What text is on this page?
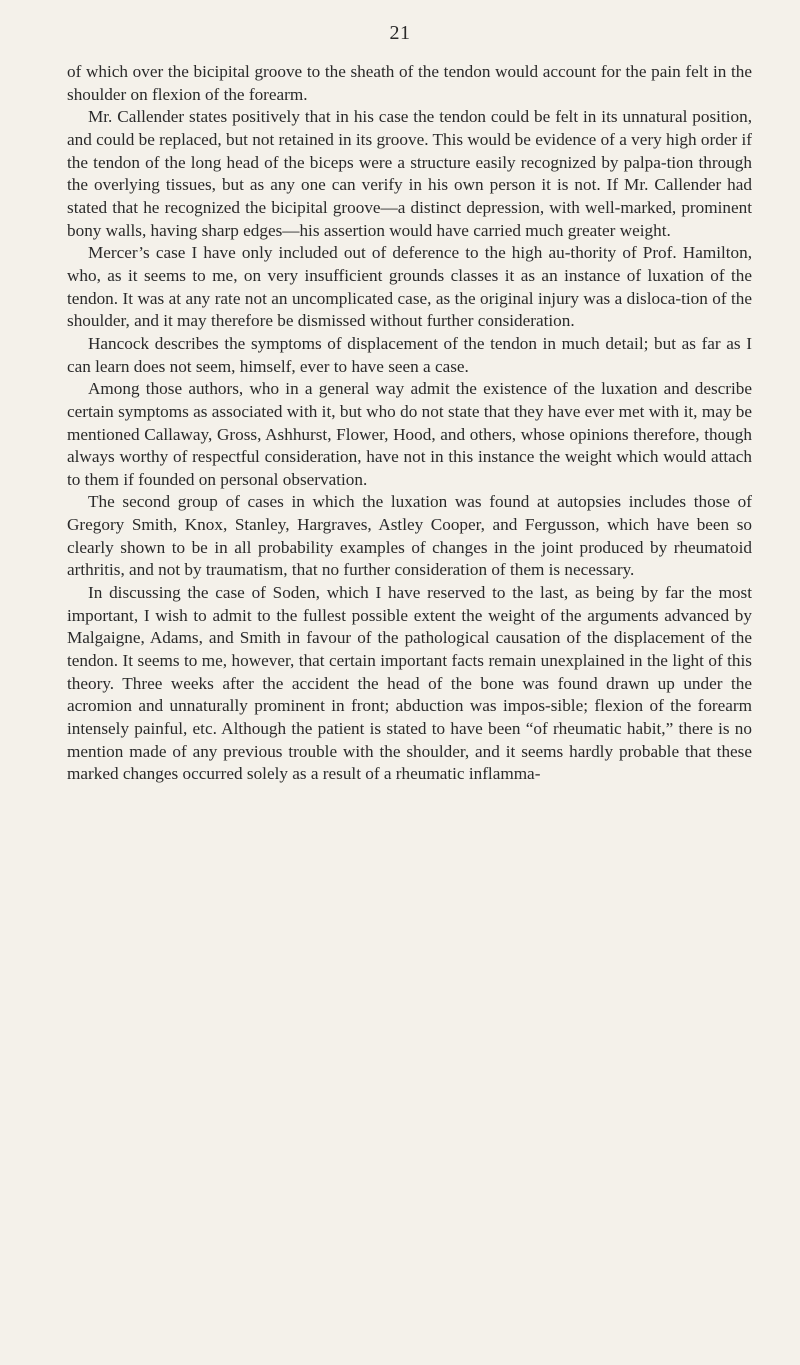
21

of which over the bicipital groove to the sheath of the tendon would account for the pain felt in the shoulder on flexion of the forearm.

Mr. Callender states positively that in his case the tendon could be felt in its unnatural position, and could be replaced, but not retained in its groove. This would be evidence of a very high order if the tendon of the long head of the biceps were a structure easily recognized by palpa-tion through the overlying tissues, but as any one can verify in his own person it is not. If Mr. Callender had stated that he recognized the bicipital groove—a distinct depression, with well-marked, prominent bony walls, having sharp edges—his assertion would have carried much greater weight.

Mercer’s case I have only included out of deference to the high au-thority of Prof. Hamilton, who, as it seems to me, on very insufficient grounds classes it as an instance of luxation of the tendon. It was at any rate not an uncomplicated case, as the original injury was a disloca-tion of the shoulder, and it may therefore be dismissed without further consideration.

Hancock describes the symptoms of displacement of the tendon in much detail; but as far as I can learn does not seem, himself, ever to have seen a case.

Among those authors, who in a general way admit the existence of the luxation and describe certain symptoms as associated with it, but who do not state that they have ever met with it, may be mentioned Callaway, Gross, Ashhurst, Flower, Hood, and others, whose opinions therefore, though always worthy of respectful consideration, have not in this instance the weight which would attach to them if founded on personal observation.

The second group of cases in which the luxation was found at autopsies includes those of Gregory Smith, Knox, Stanley, Hargraves, Astley Cooper, and Fergusson, which have been so clearly shown to be in all probability examples of changes in the joint produced by rheumatoid arthritis, and not by traumatism, that no further consideration of them is necessary.

In discussing the case of Soden, which I have reserved to the last, as being by far the most important, I wish to admit to the fullest possible extent the weight of the arguments advanced by Malgaigne, Adams, and Smith in favour of the pathological causation of the displacement of the tendon. It seems to me, however, that certain important facts remain unexplained in the light of this theory. Three weeks after the accident the head of the bone was found drawn up under the acromion and unnaturally prominent in front; abduction was impos-sible; flexion of the forearm intensely painful, etc. Although the patient is stated to have been “of rheumatic habit,” there is no mention made of any previous trouble with the shoulder, and it seems hardly probable that these marked changes occurred solely as a result of a rheumatic inflamma-
